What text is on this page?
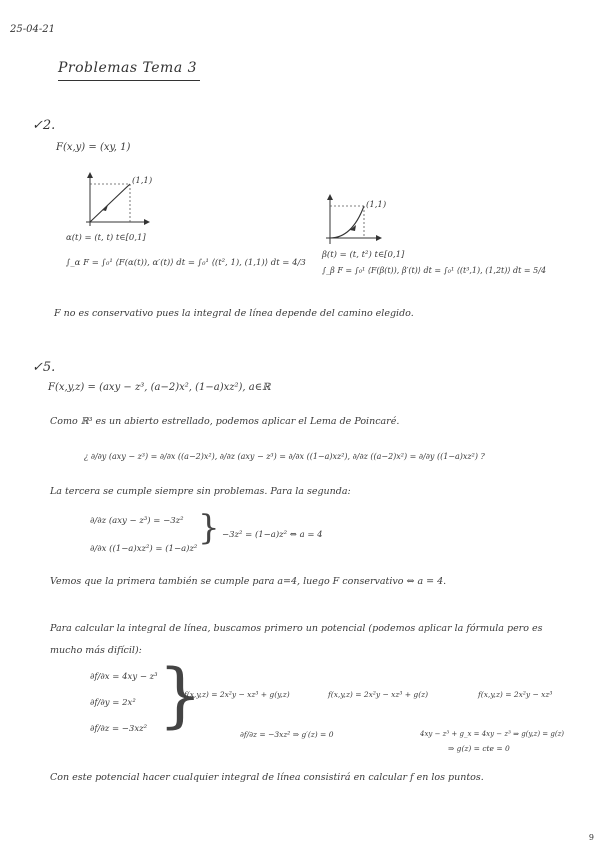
25-04-21
Problemas Tema 3
✓2.
F(x,y) = (xy, 1)
(1,1)
α(t) = (t, t) t∈[0,1]
∫_α F = ∫₀¹ ⟨F(α(t)), α′(t)⟩ dt = ∫₀¹ ⟨(t², 1), (1,1)⟩ dt = 4/3
(1,1)
β(t) = (t, t²) t∈[0,1]
∫_β F = ∫₀¹ ⟨F(β(t)), β′(t)⟩ dt = ∫₀¹ ⟨(t³,1), (1,2t)⟩ dt = 5/4
F no es conservativo pues la integral de línea depende del camino elegido.
✓5.
F(x,y,z) = (axy − z³, (a−2)x², (1−a)xz²), a∈ℝ
Como ℝ³ es un abierto estrellado, podemos aplicar el Lema de Poincaré.
¿ ∂/∂y (axy − z³) = ∂/∂x ((a−2)x²), ∂/∂z (axy − z³) = ∂/∂x ((1−a)xz²), ∂/∂z ((a−2)x²) = ∂/∂y ((1−a)xz²) ?
La tercera se cumple siempre sin problemas. Para la segunda:
∂/∂z (axy − z³) = −3z²
∂/∂x ((1−a)xz²) = (1−a)z²
} −3z² = (1−a)z² ⇔ a = 4
Vemos que la primera también se cumple para a=4, luego F conservativo ⇔ a = 4.
Para calcular la integral de línea, buscamos primero un potencial (podemos aplicar la fórmula pero es mucho más difícil):
∂f/∂x = 4xy − z³
∂f/∂y = 2x²
∂f/∂z = −3xz² }
f(x,y,z) = 2x²y − xz³ + g(y,z)	f(x,y,z) = 2x²y − xz³ + g(z)	f(x,y,z) = 2x²y − xz³
∂f/∂z = −3xz² ⇒ g′(z) = 0	4xy − z³ + g_x = 4xy − z³ ⇒ g(y,z) = g(z)
⇒ g(z) = cte = 0
Con este potencial hacer cualquier integral de línea consistirá en calcular f en los puntos.
9
